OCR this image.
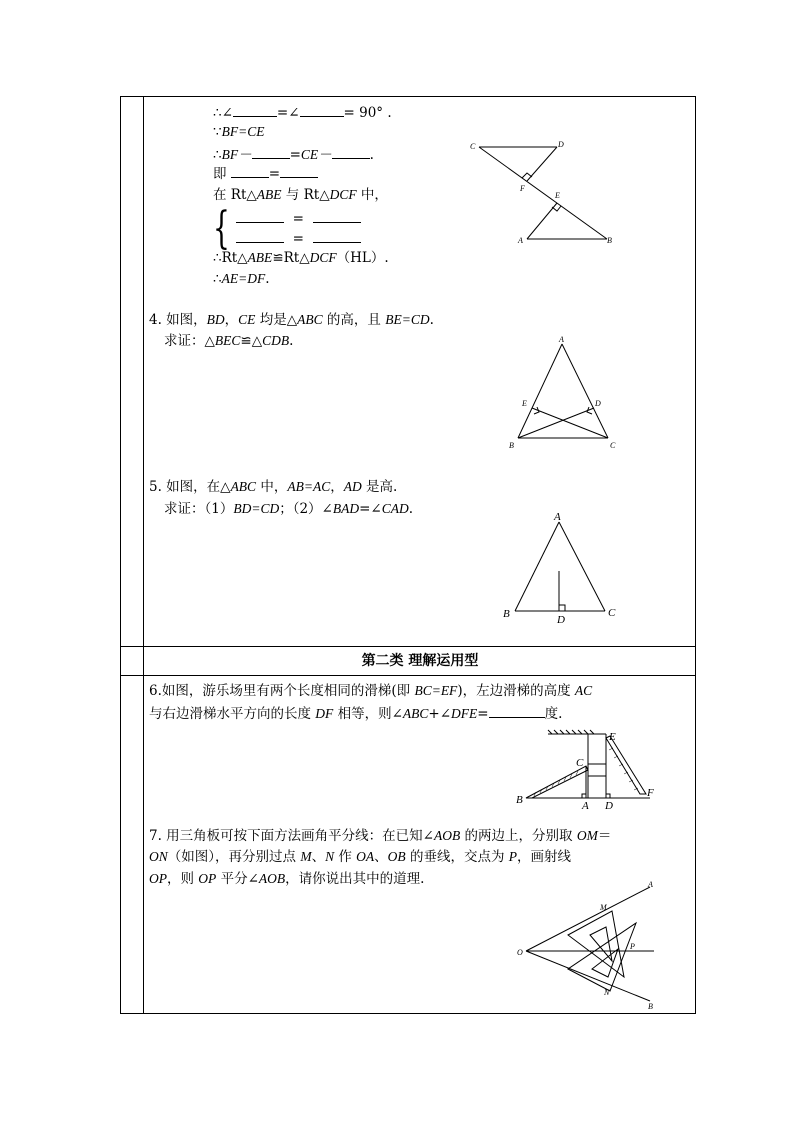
∴∠	=∠	= 90° .
∵BF=CE
∴BF－	=CE－	.
即	=
在 Rt△ABE 与 Rt△DCF 中，
{	=
=
∴Rt△ABE≌Rt△DCF（HL）.
∴AE=DF.
C	D
F
E
A	B
4. 如图，BD，CE 均是△ABC 的高，且 BE=CD.
求证：△BEC≌△CDB.	A
E	D
B	C
5. 如图，在△ABC 中，AB=AC，AD 是高.
求证：（1）BD=CD；（2）∠BAD=∠CAD.	A
B	C
D
第二类 理解运用型
6.如图，游乐场里有两个长度相同的滑梯(即 BC=EF)，左边滑梯的高度 AC
与右边滑梯水平方向的长度 DF 相等，则∠ABC+∠DFE=	度.
E
C
F
B	A D
7. 用三角板可按下面方法画角平分线：在已知∠AOB 的两边上，分别取 OM＝
ON（如图），再分别过点 M、N 作 OA、OB 的垂线，交点为 P，画射线
OP，则 OP 平分∠AOB，请你说出其中的道理.	A
M
O
P
N
B
